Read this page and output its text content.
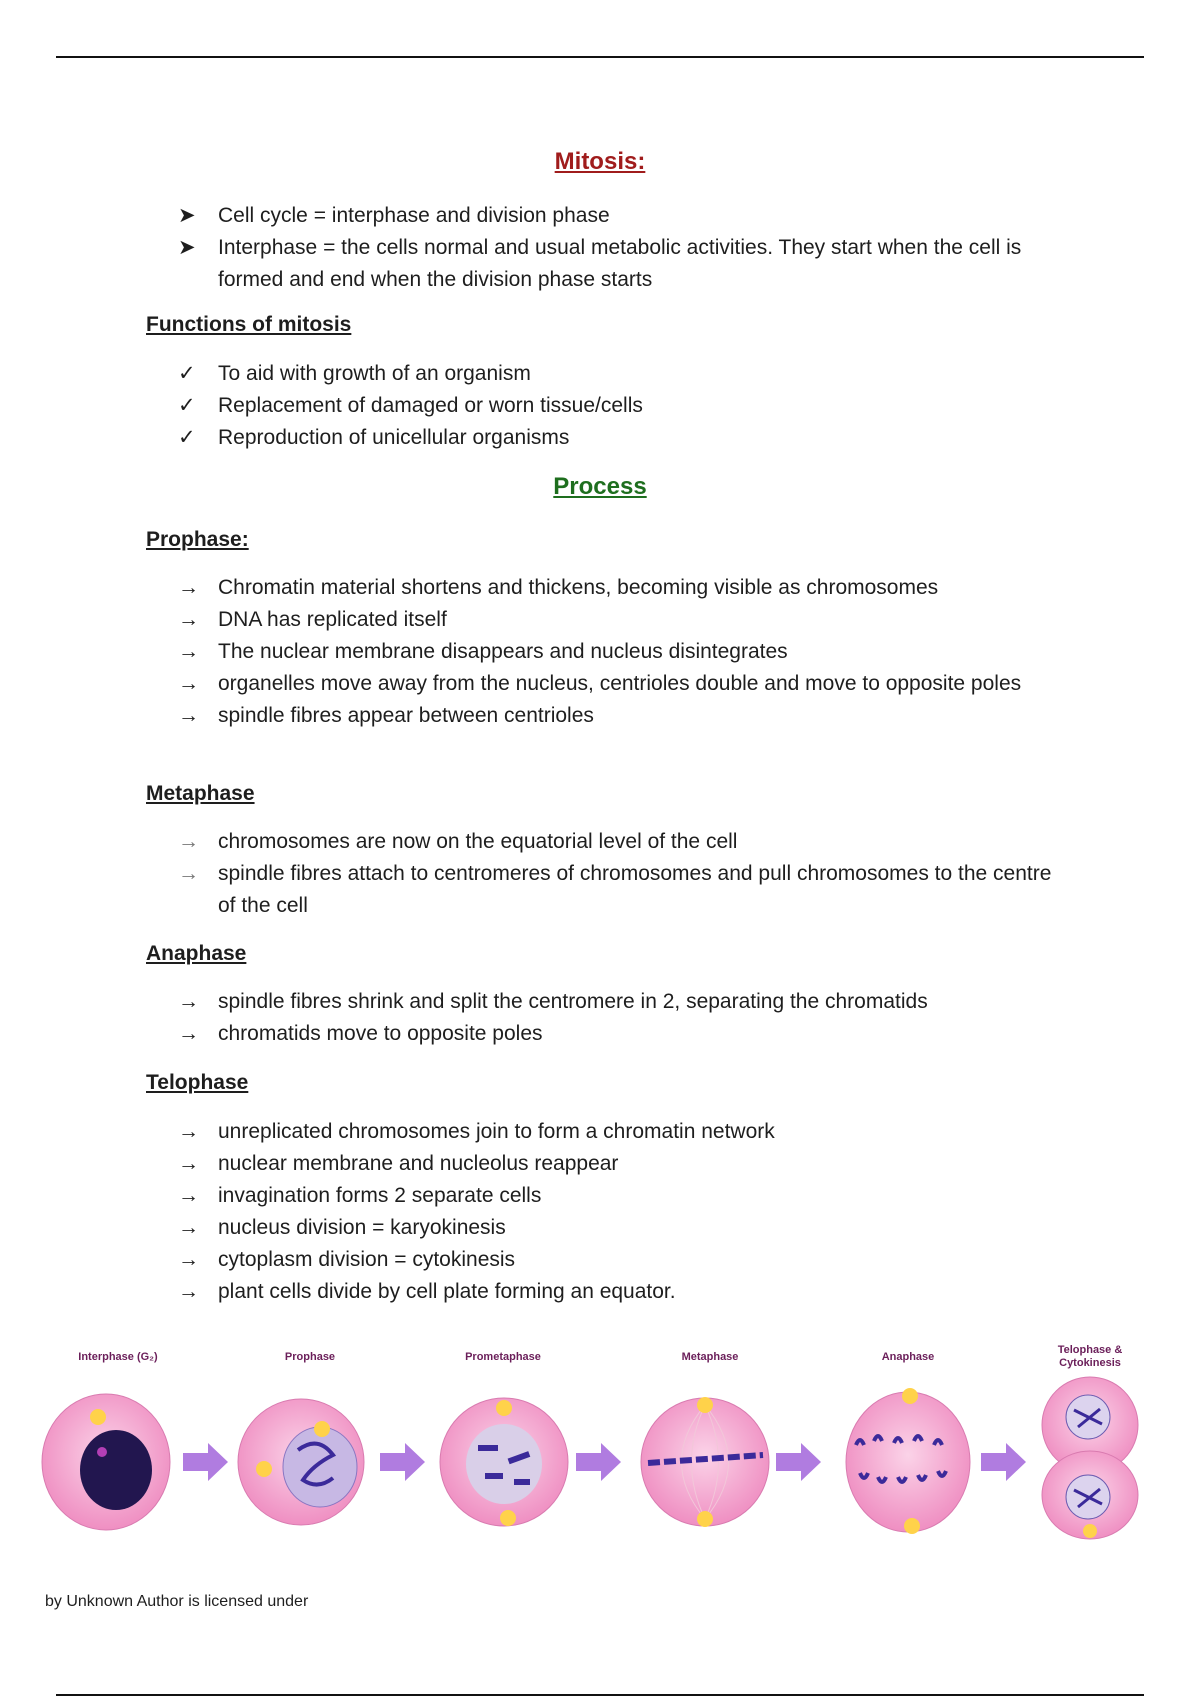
Mitosis:
➤	Cell cycle = interphase and division phase
➤	Interphase = the cells normal and usual metabolic activities. They start when the cell is formed and end when the division phase starts
Functions of mitosis
✓	To aid with growth of an organism
✓	Replacement of damaged or worn tissue/cells
✓	Reproduction of unicellular organisms
Process
Prophase:
→ Chromatin material shortens and thickens, becoming visible as chromosomes
→ DNA has replicated itself
→ The nuclear membrane disappears and nucleus disintegrates
→ organelles move away from the nucleus, centrioles double and move to opposite poles
→ spindle fibres appear between centrioles
Metaphase
→ chromosomes are now on the equatorial level of the cell
→ spindle fibres attach to centromeres of chromosomes and pull chromosomes to the centre of the cell
Anaphase
→ spindle fibres shrink and split the centromere in 2, separating the chromatids
→ chromatids move to opposite poles
Telophase
→ unreplicated chromosomes join to form a chromatin network
→ nuclear membrane and nucleolus reappear
→ invagination forms 2 separate cells
→ nucleus division = karyokinesis
→ cytoplasm division = cytokinesis
→ plant cells divide by cell plate forming an equator.
Interphase (G₂)	Prophase	Prometaphase	Metaphase	Anaphase
Telophase &
Cytokinesis
by Unknown Author is licensed under
